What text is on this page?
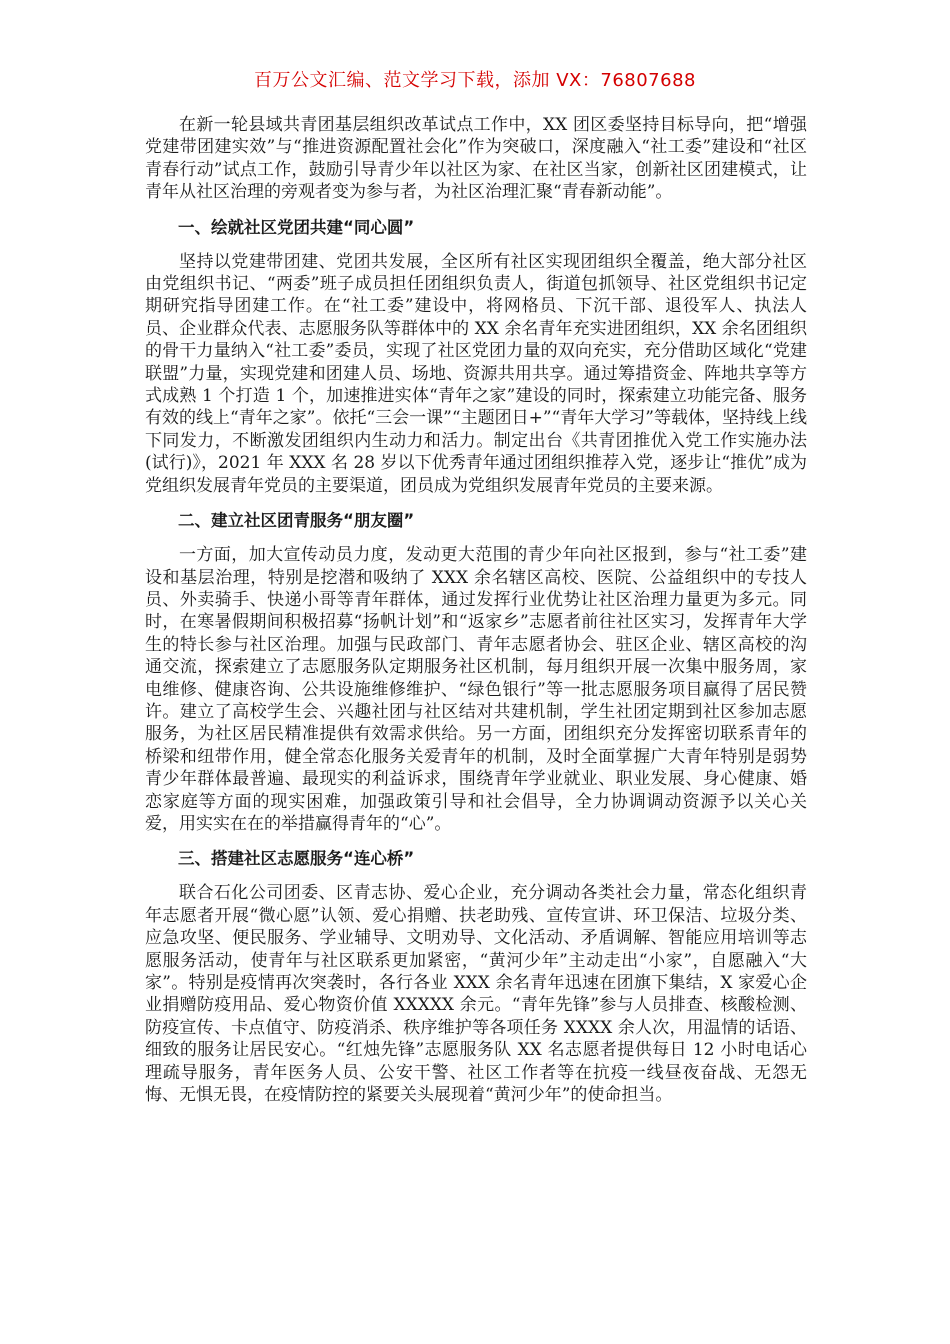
百万公文汇编、范文学习下载，添加 VX：76807688

在新一轮县域共青团基层组织改革试点工作中，XX 团区委坚持目标导向，把“增强党建带团建实效”与“推进资源配置社会化”作为突破口，深度融入“社工委”建设和“社区青春行动”试点工作，鼓励引导青少年以社区为家、在社区当家，创新社区团建模式，让青年从社区治理的旁观者变为参与者，为社区治理汇聚“青春新动能”。

一、绘就社区党团共建“同心圆”

坚持以党建带团建、党团共发展，全区所有社区实现团组织全覆盖，绝大部分社区由党组织书记、“两委”班子成员担任团组织负责人，街道包抓领导、社区党组织书记定期研究指导团建工作。在“社工委”建设中，将网格员、下沉干部、退役军人、执法人员、企业群众代表、志愿服务队等群体中的 XX 余名青年充实进团组织，XX 余名团组织的骨干力量纳入“社工委”委员，实现了社区党团力量的双向充实，充分借助区域化“党建联盟”力量，实现党建和团建人员、场地、资源共用共享。通过筹措资金、阵地共享等方式成熟 1 个打造 1 个，加速推进实体“青年之家”建设的同时，探索建立功能完备、服务有效的线上“青年之家”。依托“三会一课”“主题团日+”“青年大学习”等载体，坚持线上线下同发力，不断激发团组织内生动力和活力。制定出台《共青团推优入党工作实施办法(试行)》，2021 年 XXX 名 28 岁以下优秀青年通过团组织推荐入党，逐步让“推优”成为党组织发展青年党员的主要渠道，团员成为党组织发展青年党员的主要来源。

二、建立社区团青服务“朋友圈”

一方面，加大宣传动员力度，发动更大范围的青少年向社区报到，参与“社工委”建设和基层治理，特别是挖潜和吸纳了 XXX 余名辖区高校、医院、公益组织中的专技人员、外卖骑手、快递小哥等青年群体，通过发挥行业优势让社区治理力量更为多元。同时，在寒暑假期间积极招募“扬帆计划”和“返家乡”志愿者前往社区实习，发挥青年大学生的特长参与社区治理。加强与民政部门、青年志愿者协会、驻区企业、辖区高校的沟通交流，探索建立了志愿服务队定期服务社区机制，每月组织开展一次集中服务周，家电维修、健康咨询、公共设施维修维护、“绿色银行”等一批志愿服务项目赢得了居民赞许。建立了高校学生会、兴趣社团与社区结对共建机制，学生社团定期到社区参加志愿服务，为社区居民精准提供有效需求供给。另一方面，团组织充分发挥密切联系青年的桥梁和纽带作用，健全常态化服务关爱青年的机制，及时全面掌握广大青年特别是弱势青少年群体最普遍、最现实的利益诉求，围绕青年学业就业、职业发展、身心健康、婚恋家庭等方面的现实困难，加强政策引导和社会倡导，全力协调调动资源予以关心关爱，用实实在在的举措赢得青年的“心”。

三、搭建社区志愿服务“连心桥”

联合石化公司团委、区青志协、爱心企业，充分调动各类社会力量，常态化组织青年志愿者开展“微心愿”认领、爱心捐赠、扶老助残、宣传宣讲、环卫保洁、垃圾分类、应急攻坚、便民服务、学业辅导、文明劝导、文化活动、矛盾调解、智能应用培训等志愿服务活动，使青年与社区联系更加紧密，“黄河少年”主动走出“小家”，自愿融入“大家”。特别是疫情再次突袭时，各行各业 XXX 余名青年迅速在团旗下集结，X 家爱心企业捐赠防疫用品、爱心物资价值 XXXXX 余元。“青年先锋”参与人员排查、核酸检测、防疫宣传、卡点值守、防疫消杀、秩序维护等各项任务 XXXX 余人次，用温情的话语、细致的服务让居民安心。“红烛先锋”志愿服务队 XX 名志愿者提供每日 12 小时电话心理疏导服务，青年医务人员、公安干警、社区工作者等在抗疫一线昼夜奋战、无怨无悔、无惧无畏，在疫情防控的紧要关头展现着“黄河少年”的使命担当。
